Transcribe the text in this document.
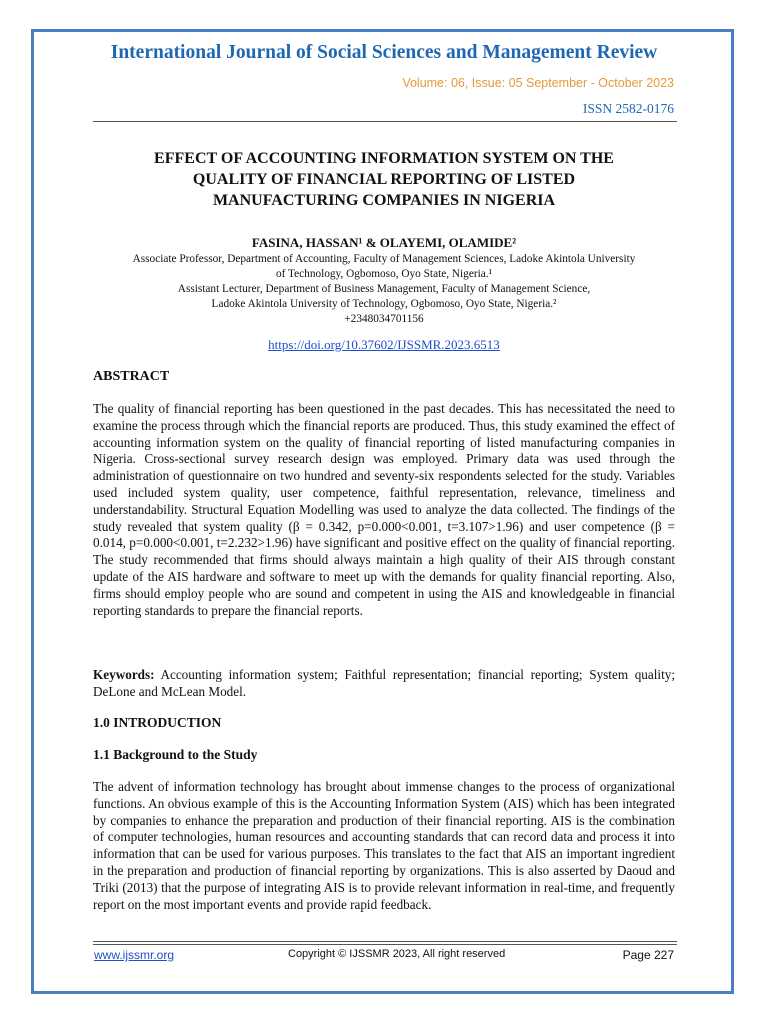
International Journal of Social Sciences and Management Review
Volume: 06, Issue: 05 September - October 2023
ISSN 2582-0176
EFFECT OF ACCOUNTING INFORMATION SYSTEM ON THE
QUALITY OF FINANCIAL REPORTING OF LISTED
MANUFACTURING COMPANIES IN NIGERIA
FASINA, HASSAN¹ & OLAYEMI, OLAMIDE²
Associate Professor, Department of Accounting, Faculty of Management Sciences, Ladoke Akintola University
of Technology, Ogbomoso, Oyo State, Nigeria.¹
Assistant Lecturer, Department of Business Management, Faculty of Management Science,
Ladoke Akintola University of Technology, Ogbomoso, Oyo State, Nigeria.²
+2348034701156
https://doi.org/10.37602/IJSSMR.2023.6513
ABSTRACT

The quality of financial reporting has been questioned in the past decades. This has necessitated the need to examine the process through which the financial reports are produced. Thus, this study examined the effect of accounting information system on the quality of financial reporting of listed manufacturing companies in Nigeria. Cross-sectional survey research design was employed. Primary data was used through the administration of questionnaire on two hundred and seventy-six respondents selected for the study. Variables used included system quality, user competence, faithful representation, relevance, timeliness and understandability. Structural Equation Modelling was used to analyze the data collected. The findings of the study revealed that system quality (β = 0.342, p=0.000<0.001, t=3.107>1.96) and user competence (β = 0.014, p=0.000<0.001, t=2.232>1.96) have significant and positive effect on the quality of financial reporting. The study recommended that firms should always maintain a high quality of their AIS through constant update of the AIS hardware and software to meet up with the demands for quality financial reporting. Also, firms should employ people who are sound and competent in using the AIS and knowledgeable in financial reporting standards to prepare the financial reports.

Keywords: Accounting information system; Faithful representation; financial reporting; System quality; DeLone and McLean Model.

1.0 INTRODUCTION
1.1 Background to the Study

The advent of information technology has brought about immense changes to the process of organizational functions. An obvious example of this is the Accounting Information System (AIS) which has been integrated by companies to enhance the preparation and production of their financial reporting. AIS is the combination of computer technologies, human resources and accounting standards that can record data and process it into information that can be used for various purposes. This translates to the fact that AIS an important ingredient in the preparation and production of financial reporting by organizations. This is also asserted by Daoud and Triki (2013) that the purpose of integrating AIS is to provide relevant information in real-time, and frequently report on the most important events and provide rapid feedback.

www.ijssmr.org	Copyright © IJSSMR 2023, All right reserved	Page 227
